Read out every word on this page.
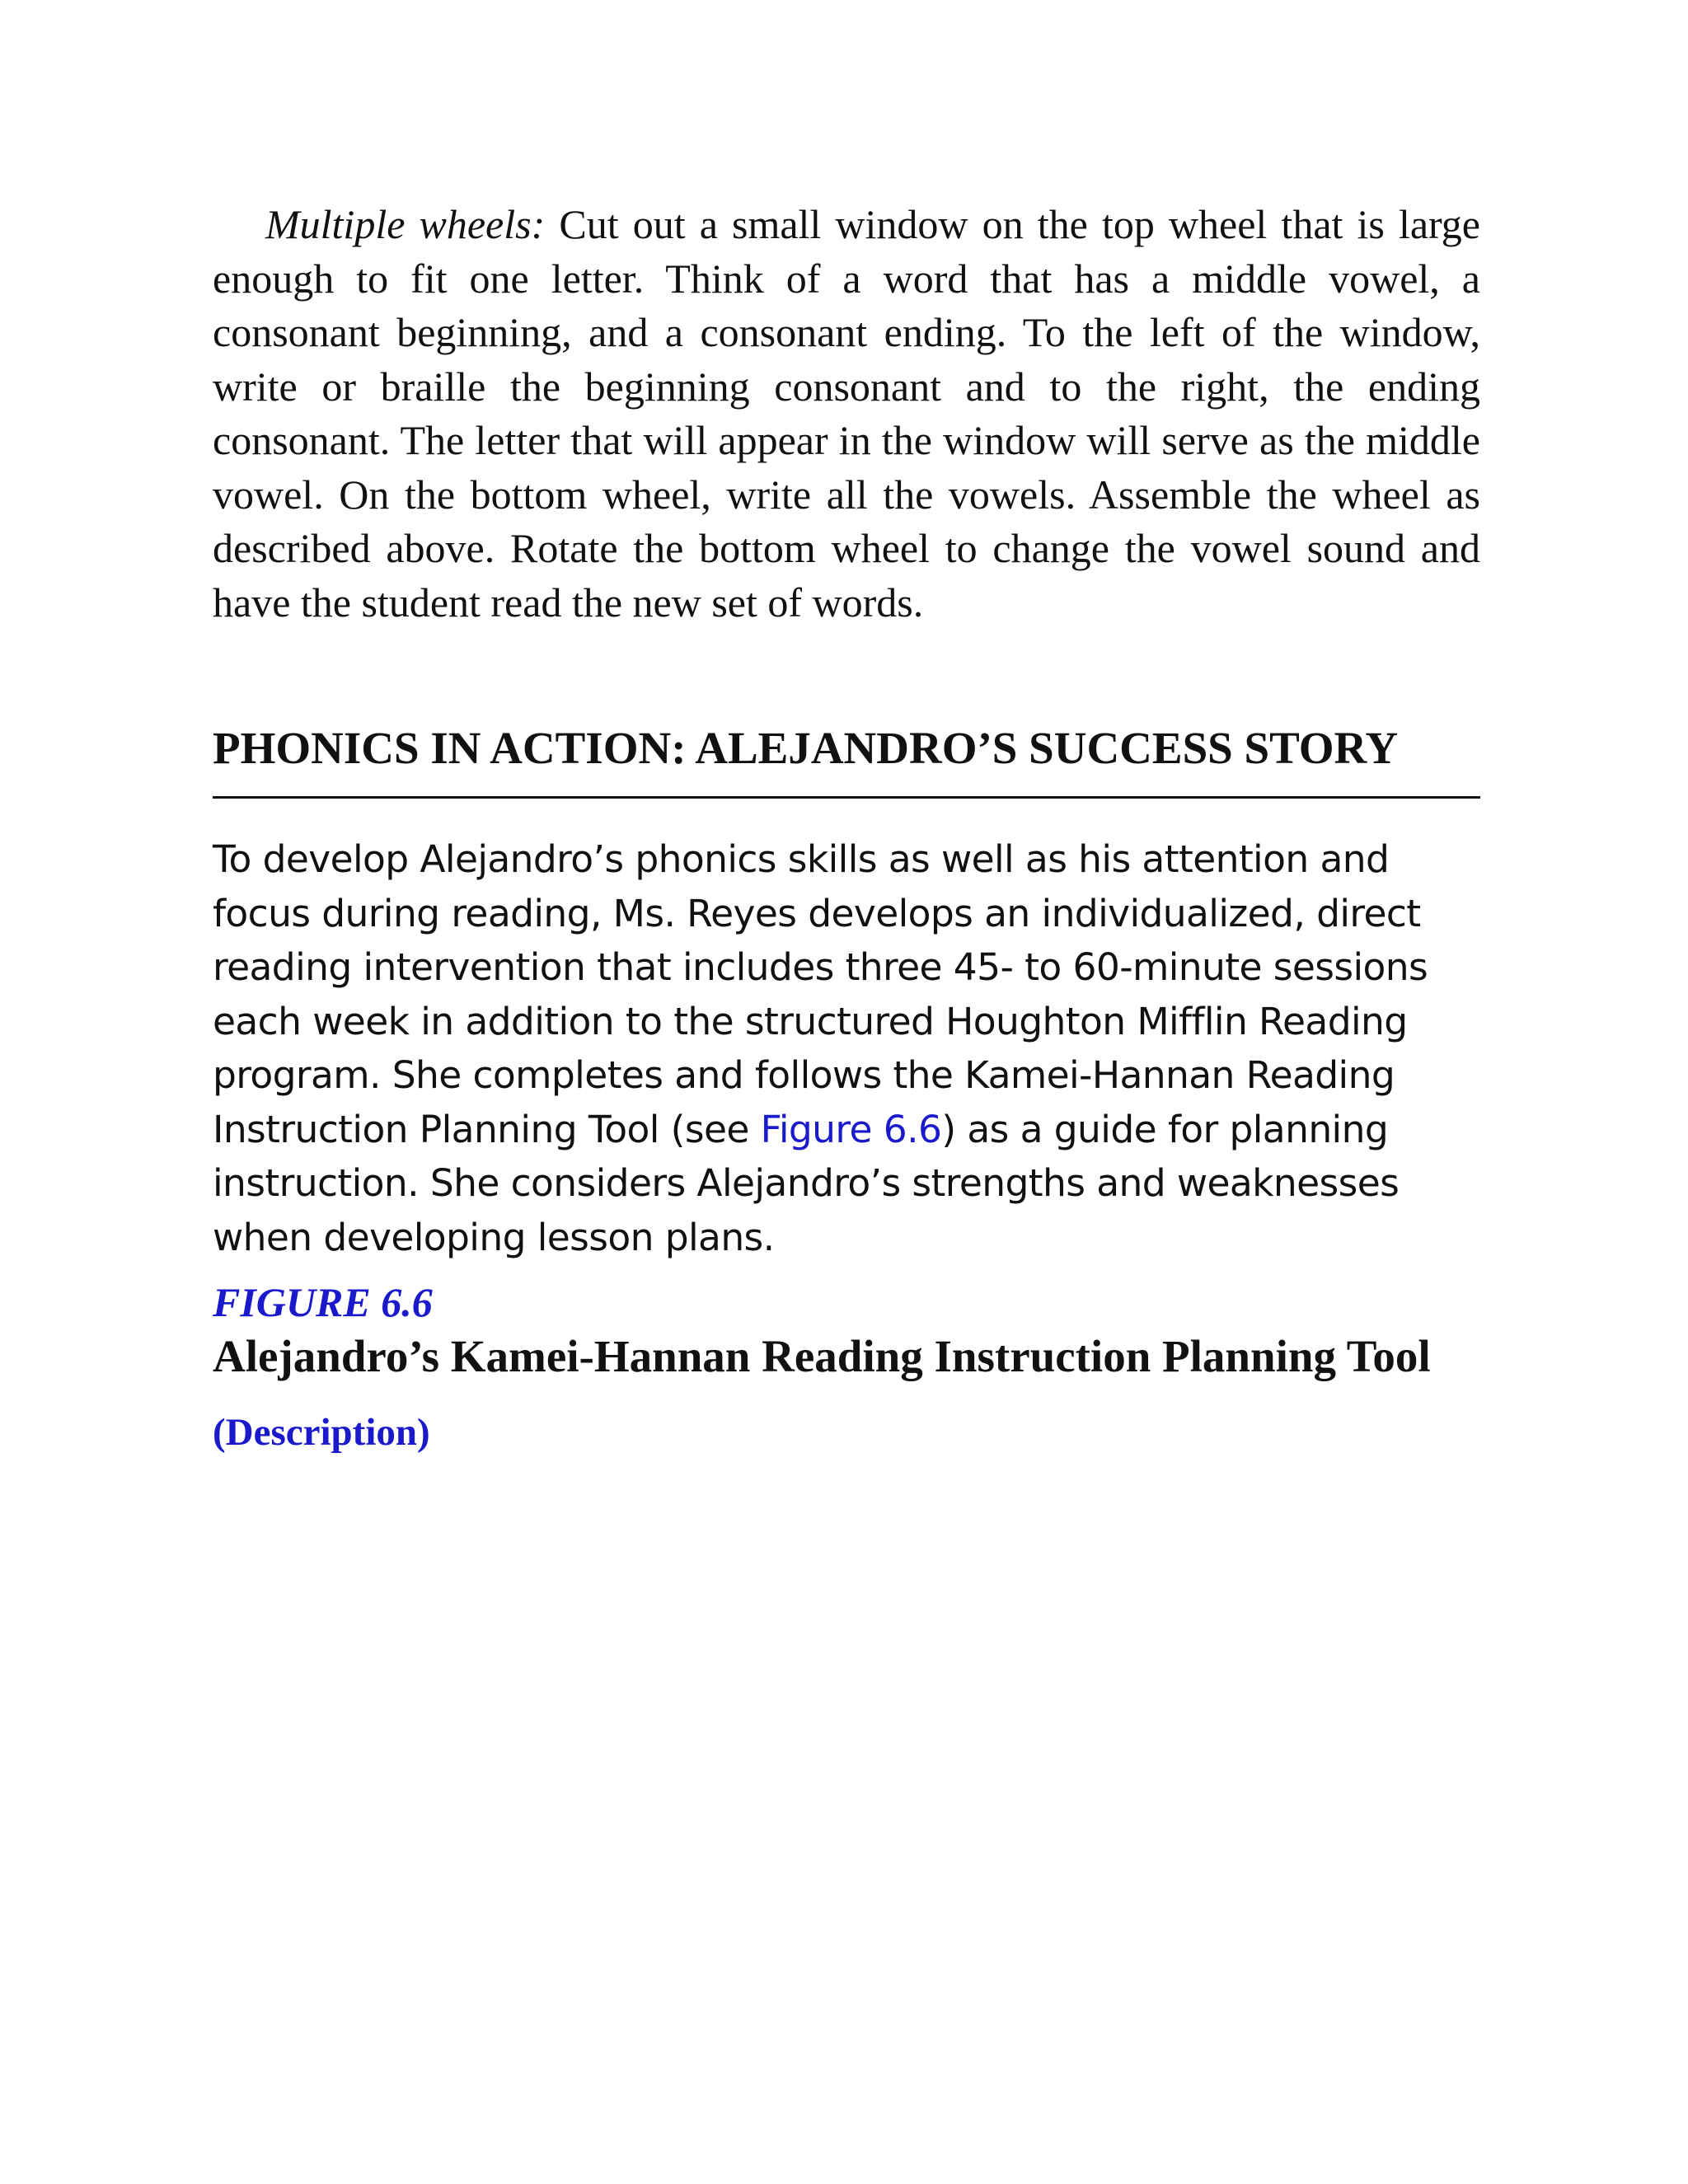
Multiple wheels: Cut out a small window on the top wheel that is large enough to fit one letter. Think of a word that has a middle vowel, a consonant beginning, and a consonant ending. To the left of the window, write or braille the beginning consonant and to the right, the ending consonant. The letter that will appear in the window will serve as the middle vowel. On the bottom wheel, write all the vowels. Assemble the wheel as described above. Rotate the bottom wheel to change the vowel sound and have the student read the new set of words.

PHONICS IN ACTION: ALEJANDRO’S SUCCESS STORY

To develop Alejandro’s phonics skills as well as his attention and focus during reading, Ms. Reyes develops an individualized, direct reading intervention that includes three 45- to 60-minute sessions each week in addition to the structured Houghton Mifflin Reading program. She completes and follows the Kamei-Hannan Reading Instruction Planning Tool (see Figure 6.6) as a guide for planning instruction. She considers Alejandro’s strengths and weaknesses when developing lesson plans.

FIGURE 6.6

Alejandro’s Kamei-Hannan Reading Instruction Planning Tool

(Description)
